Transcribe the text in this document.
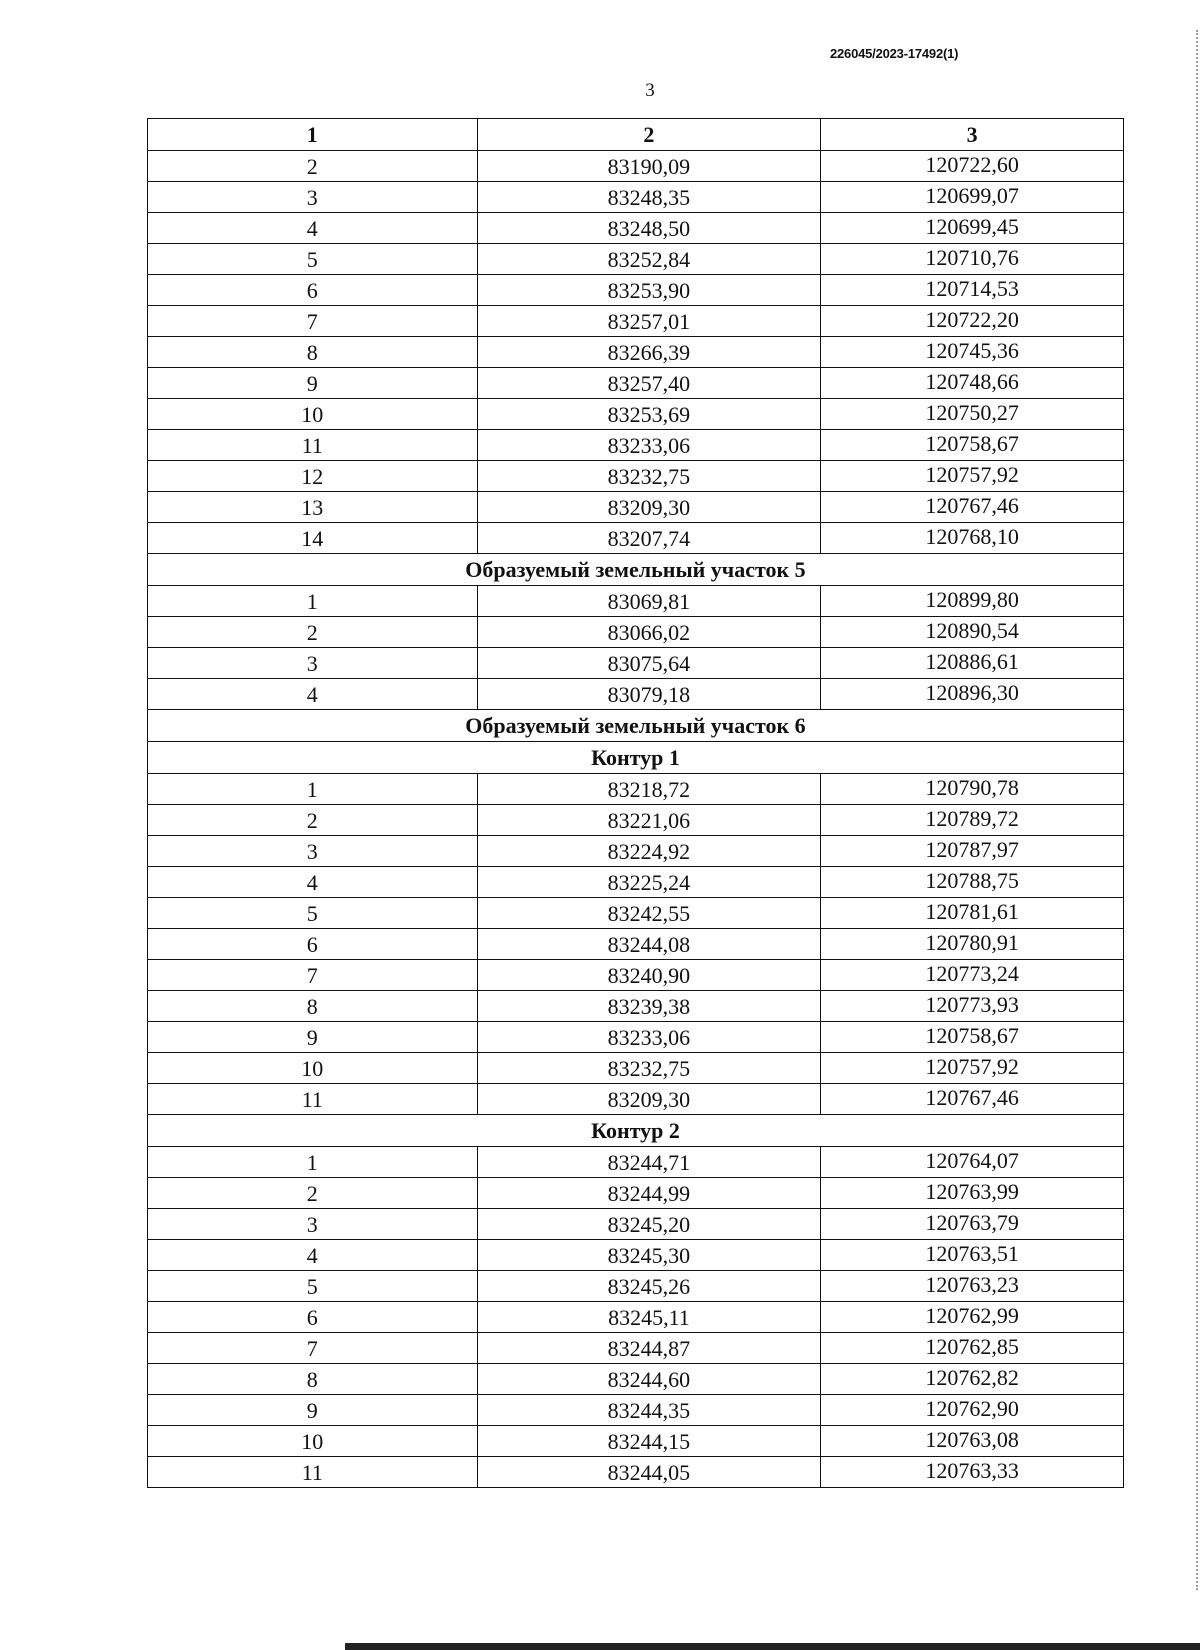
226045/2023-17492(1)
3
1	2	3
2	83190,09	120722,60
3	83248,35	120699,07
4	83248,50	120699,45
5	83252,84	120710,76
6	83253,90	120714,53
7	83257,01	120722,20
8	83266,39	120745,36
9	83257,40	120748,66
10	83253,69	120750,27
11	83233,06	120758,67
12	83232,75	120757,92
13	83209,30	120767,46
14	83207,74	120768,10
Образуемый земельный участок 5		
1	83069,81	120899,80
2	83066,02	120890,54
3	83075,64	120886,61
4	83079,18	120896,30
Образуемый земельный участок 6		
Контур 1		
1	83218,72	120790,78
2	83221,06	120789,72
3	83224,92	120787,97
4	83225,24	120788,75
5	83242,55	120781,61
6	83244,08	120780,91
7	83240,90	120773,24
8	83239,38	120773,93
9	83233,06	120758,67
10	83232,75	120757,92
11	83209,30	120767,46
Контур 2		
1	83244,71	120764,07
2	83244,99	120763,99
3	83245,20	120763,79
4	83245,30	120763,51
5	83245,26	120763,23
6	83245,11	120762,99
7	83244,87	120762,85
8	83244,60	120762,82
9	83244,35	120762,90
10	83244,15	120763,08
11	83244,05	120763,33
